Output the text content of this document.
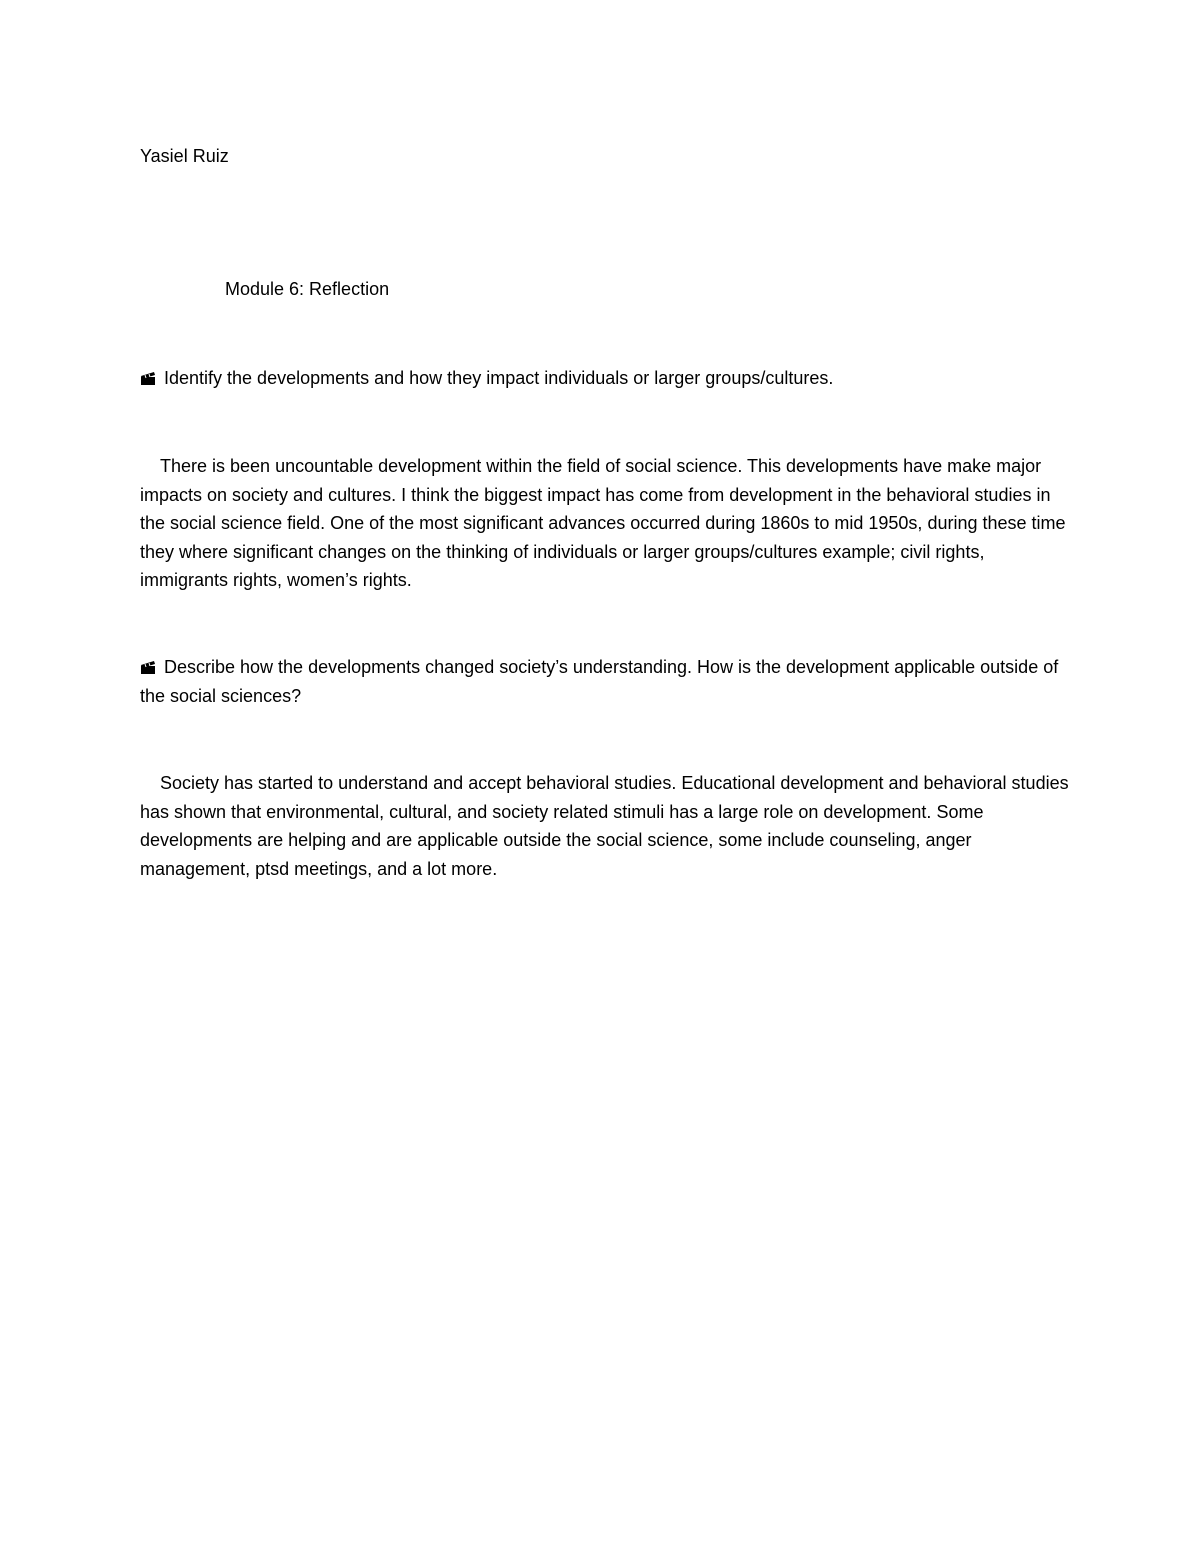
Yasiel Ruiz
Module 6: Reflection
Identify the developments and how they impact individuals or larger groups/cultures.
There is been uncountable development within the field of social science. This developments have make major impacts on society and cultures. I think the biggest impact has come from development in the behavioral studies in the social science field. One of the most significant advances occurred during 1860s to mid 1950s, during these time they where significant changes on the thinking of individuals or larger groups/cultures example; civil rights, immigrants rights, women’s rights.
Describe how the developments changed society’s understanding. How is the development applicable outside of the social sciences?
Society has started to understand and accept behavioral studies. Educational development and behavioral studies has shown that environmental, cultural, and society related stimuli has a large role on development. Some developments are helping and are applicable outside the social science, some include counseling, anger management, ptsd meetings, and a lot more.
